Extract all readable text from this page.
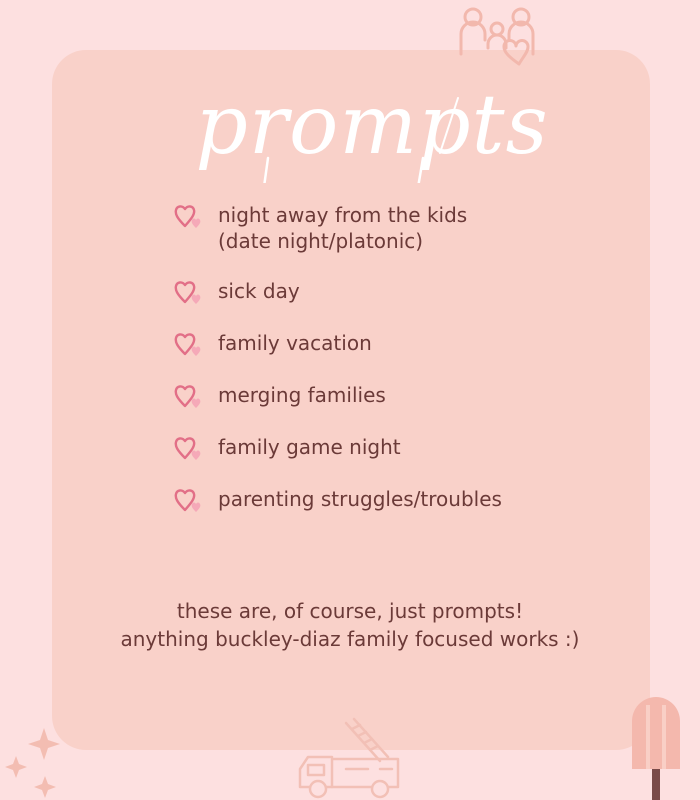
prompts
night away from the kids
(date night/platonic)
sick day
family vacation
merging families
family game night
parenting struggles/troubles
these are, of course, just prompts!
anything buckley-diaz family focused works :)
